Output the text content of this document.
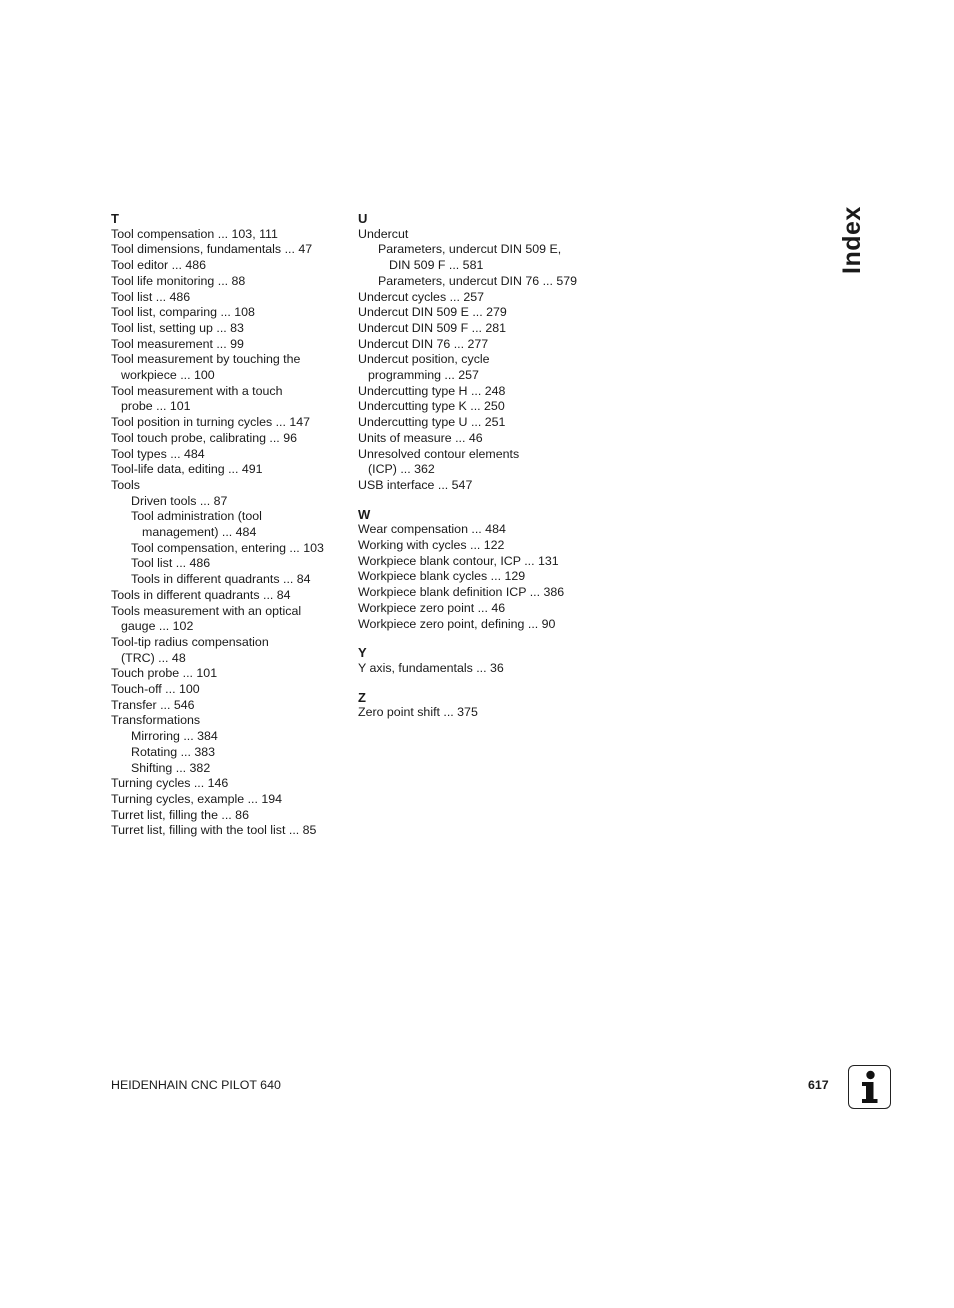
T
Tool compensation ... 103, 111
Tool dimensions, fundamentals ... 47
Tool editor ... 486
Tool life monitoring ... 88
Tool list ... 486
Tool list, comparing ... 108
Tool list, setting up ... 83
Tool measurement ... 99
Tool measurement by touching the
workpiece ... 100
Tool measurement with a touch
probe ... 101
Tool position in turning cycles ... 147
Tool touch probe, calibrating ... 96
Tool types ... 484
Tool-life data, editing ... 491
Tools
Driven tools ... 87
Tool administration (tool
management) ... 484
Tool compensation, entering ... 103
Tool list ... 486
Tools in different quadrants ... 84
Tools in different quadrants ... 84
Tools measurement with an optical
gauge ... 102
Tool-tip radius compensation
(TRC) ... 48
Touch probe ... 101
Touch-off ... 100
Transfer ... 546
Transformations
Mirroring ... 384
Rotating ... 383
Shifting ... 382
Turning cycles ... 146
Turning cycles, example ... 194
Turret list, filling the ... 86
Turret list, filling with the tool list ... 85
U
Undercut
Parameters, undercut DIN 509 E,
DIN 509 F ... 581
Parameters, undercut DIN 76 ... 579
Undercut cycles ... 257
Undercut DIN 509 E ... 279
Undercut DIN 509 F ... 281
Undercut DIN 76 ... 277
Undercut position, cycle
programming ... 257
Undercutting type H ... 248
Undercutting type K ... 250
Undercutting type U ... 251
Units of measure ... 46
Unresolved contour elements
(ICP) ... 362
USB interface ... 547
W
Wear compensation ... 484
Working with cycles ... 122
Workpiece blank contour, ICP ... 131
Workpiece blank cycles ... 129
Workpiece blank definition ICP ... 386
Workpiece zero point ... 46
Workpiece zero point, defining ... 90
Y
Y axis, fundamentals ... 36
Z
Zero point shift ... 375
Index
HEIDENHAIN CNC PILOT 640	617
